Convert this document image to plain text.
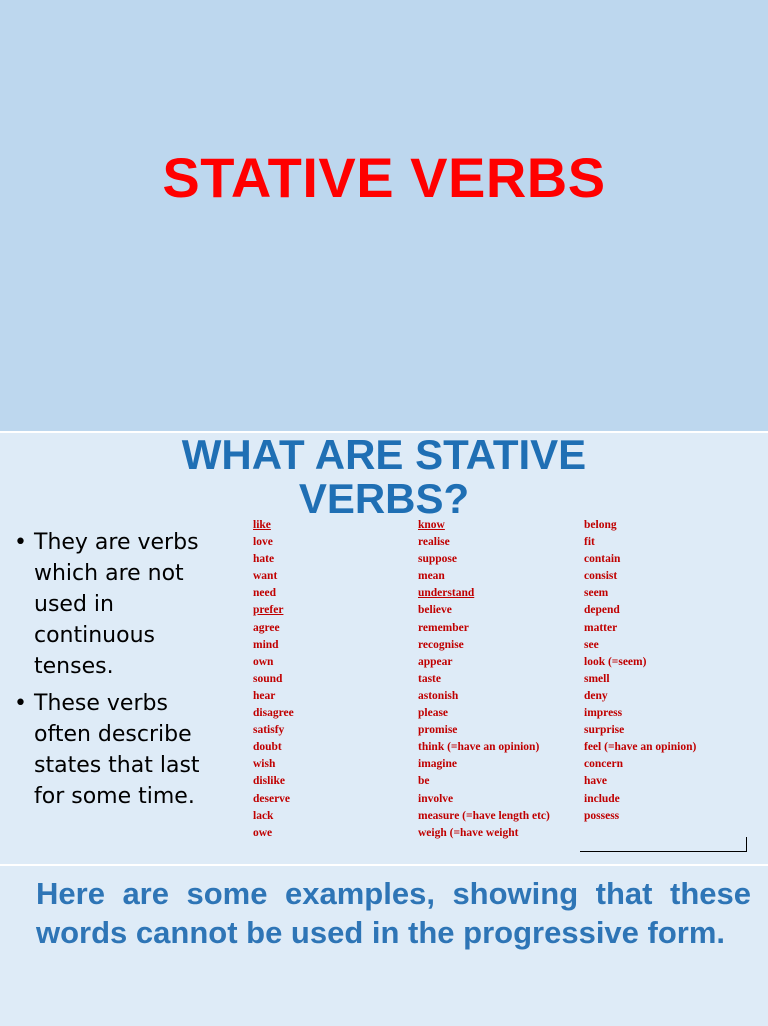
STATIVE VERBS
• They are verbs which are not used in continuous tenses.
• These verbs often describe states that last for some time.
like
love
hate
want
need
prefer
agree
mind
own
sound
hear
disagree
satisfy
doubt
wish
dislike
deserve
lack
owe
know
realise
suppose
mean
understand
believe
remember
recognise
appear
taste
astonish
please
promise
think (=have an opinion)
imagine
be
involve
measure (=have length etc)
weigh (=have weight
belong
fit
contain
consist
seem
depend
matter
see
look (=seem)
smell
deny
impress
surprise
feel (=have an opinion)
concern
have
include
possess
WHAT ARE STATIVE VERBS?
Here are some examples, showing that these words cannot be used in the progressive form.
